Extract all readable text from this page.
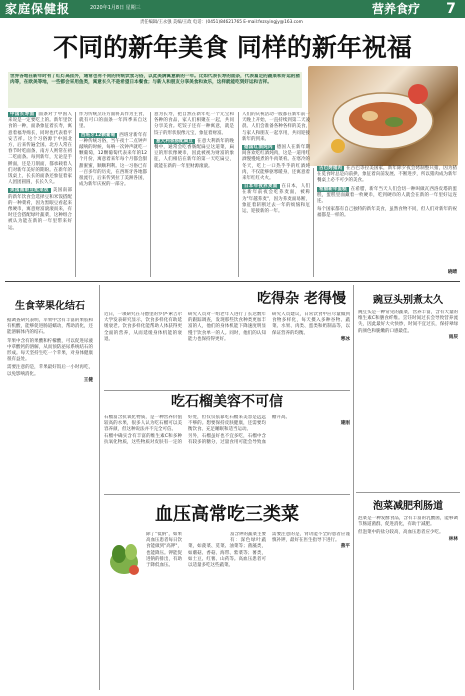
家庭保健报	2020年1月8日 星期三	营养食疗 7
责任编辑/王永强 美编/王政 电话：(0451)84621765 E-mail:fezsyingjy@163.com
不同的新年美食 同样的新年祝福
世界各地在新年时有了红灯高挂外，通常也有不同的传统饮食习俗，以此美满寓意新的一年。比如代表长寿的面条，代表富足的蔬菜和好运的猪肉等，在欧美等地，一些都会采用鱼类，寓意长久不是希望日本餐食；与新人和朋友分享美食和欢乐，这样就能吃到好运和吉祥。
中国长寿面 面条对于中国人来说是一定要吃上的。新年里饮食的一种，面条象征着长寿，寓意着福寿绵长，同时也代表着平安吉祥。这个习俗源于中国北方，后来传遍全国。北方人常在春节时吃面条，南方人则常在初二吃面条。每到新年，无论是手擀面，还是刀削面，都承载着人们对新年美好的期盼。在新年的饭桌上，长长的面条还象征着家人团团圆圆，长长久久。
美国黑眼豆配菜饭 美国南部的新年饮食会选择豆和米饭搭配的一种菜肴，因为黑眼豆看起来像硬币，寓意财富滚滚而来，有时还会搭配绿叶蔬菜，这种组合被认为能在新的一年里带来好运。
作为传统烹饪方面将其作为主食，就有可口的面条一年四季来自这里。
西班牙12颗葡萄 西班牙新年有一种传统习俗，当午夜十二点钟声敲响的时候，每响一次钟声就吃一颗葡萄，12颗葡萄代表来年的12个月份，寓意着来年每个月都会甜甜蜜蜜，顺顺利利。这一习俗已有一百多年的历史，在西班牙各地都很流行，后来传到拉丁美洲各国，成为新年庆祝的一部分。
意为长寿，把自然在新年吃一个元宝和各种的食品，家人们相聚在一起，共同分享美食。吃饺子还有一种寓意，就是饺子的形状很像元宝，象征着财富。
意大利香肠配扁豆 在意大利新年的晚餐中，通常会吃香肠配扁豆这道菜，扁豆的形状像硬币，因此被视为财富的象征，人们相信在新年的第一天吃扁豆，就能在新的一年里财源滚滚。
人们的庆祝活动一般都在新年前一天晚上开始，一直持续到第二天凌晨。人们会准备各种各样的美食，与家人和朋友一起享用，共同迎接新年的到来。
德国红酒炖肉 德国人在新年期间喜欢吃红酒炖肉，这是一道用红酒慢慢炖煮的牛肉菜肴。在寒冷的冬天，吃上一口热乎乎的红酒炖肉，不仅能够驱寒暖身，还寓意着来年红红火火。
日本年夜荞麦面 在日本，人们在新年前夜会吃荞麦面，被称为"年越荞麦"，因为荞麦面易断，象征着斩断过去一年的烦恼和厄运，迎接新的一年。
古巴烤猪肉 在古巴等拉美国家，新年除夕夜会烤制整只猪，因为猪在觅食时总是向前拱，象征着向前发展、不断进步，所以猪肉成为新年餐桌上必不可少的美食。
希腊新年蛋糕 在希腊，新年当天人们会切一种叫做瓦西洛皮塔的蛋糕，蛋糕里面藏着一枚硬币，吃到硬币的人就会在新的一年里好运连连。
每个国家都有自己独特的新年美食，虽然食物不同，但人们对新年的祝福都是一样的。
晓晴
生食苹果化结石
据调查研究表明，苹果中含有丰富的果胶和有机酸，能够促进肠道蠕动，帮助消化，还能溶解体内的结石。
苹果中含有的果酸和柠檬酸，可以促进尿液中草酸钙的溶解，从而预防泌尿系统结石的形成。每天坚持生吃一个苹果，对身体健康很有益处。
需要注意的是，苹果最好饭后一小时再吃，以免影响消化。
王健
吃得杂 老得慢
近日，一项研究在马德里的罗伊·索吉尔大学发表研究显示，饮食多样化有助延缓衰老。饮食多样化能帮助人体获得更全面的营养，从而延缓身体机能的衰退。
研究人员对一组老年人进行了长达数年的跟踪调查，发现那些饮食种类更加丰富的人，他们的身体机能下降速度明显慢于饮食单一的人。同时，他们的认知能力也保持得更好。
研究人员建议，日常饮食中应尽量做到食物多样化，每天摄入多种谷物、蔬菜、水果、肉类、蛋类和奶制品等，以保证营养的均衡。
寒冰
吃石榴美容不可信
石榴富含抗氧化物质，是一种营养价值较高的水果，很多人认为吃石榴可以美容养颜，但这种说法并不完全可信。
石榴中确实含有丰富的维生素C和多种抗氧化物质，这些物质对皮肤有一定的好处，但仅仅依靠吃石榴来美容是远远不够的。想要保持皮肤健康，还需要均衡饮食、充足睡眠和适当运动。
另外，石榴虽好也不宜多吃，石榴中含有较多的糖分，过量食用可能会导致血糖升高。
建刚
血压高常吃三类菜
除了"低钠"，如果高血压患者每日饮食能做到"高钾"，也能降压。钾能促进钠的排出，有助于降低血压。
富含钾的蔬菜主要有：深色绿叶蔬菜，如菠菜、苋菜、油菜等；菌藻类，如蘑菇、香菇、海带、紫菜等；薯类，如土豆、红薯、山药等。高血压患者可以适量多吃这些蔬菜。
需要注意的是，肾功能不全的患者应谨慎补钾，最好在医生指导下进行。
燕平
豌豆头别煮太久
豌豆头是一种常见的蔬菜，营养丰富，含有大量的维生素C和膳食纤维。烹饪时间过长会导致营养流失，因此最好大火快炒，时间不宜过长，保持翠绿的颜色和脆嫩的口感最佳。
雨辰
泡菜减肥利肠道
泡菜是一种发酵食品，含有丰富的乳酸菌，能够调节肠道菌群，促进消化，有助于减肥。
但泡菜中的盐分较高，高血压患者应少吃。
林林
